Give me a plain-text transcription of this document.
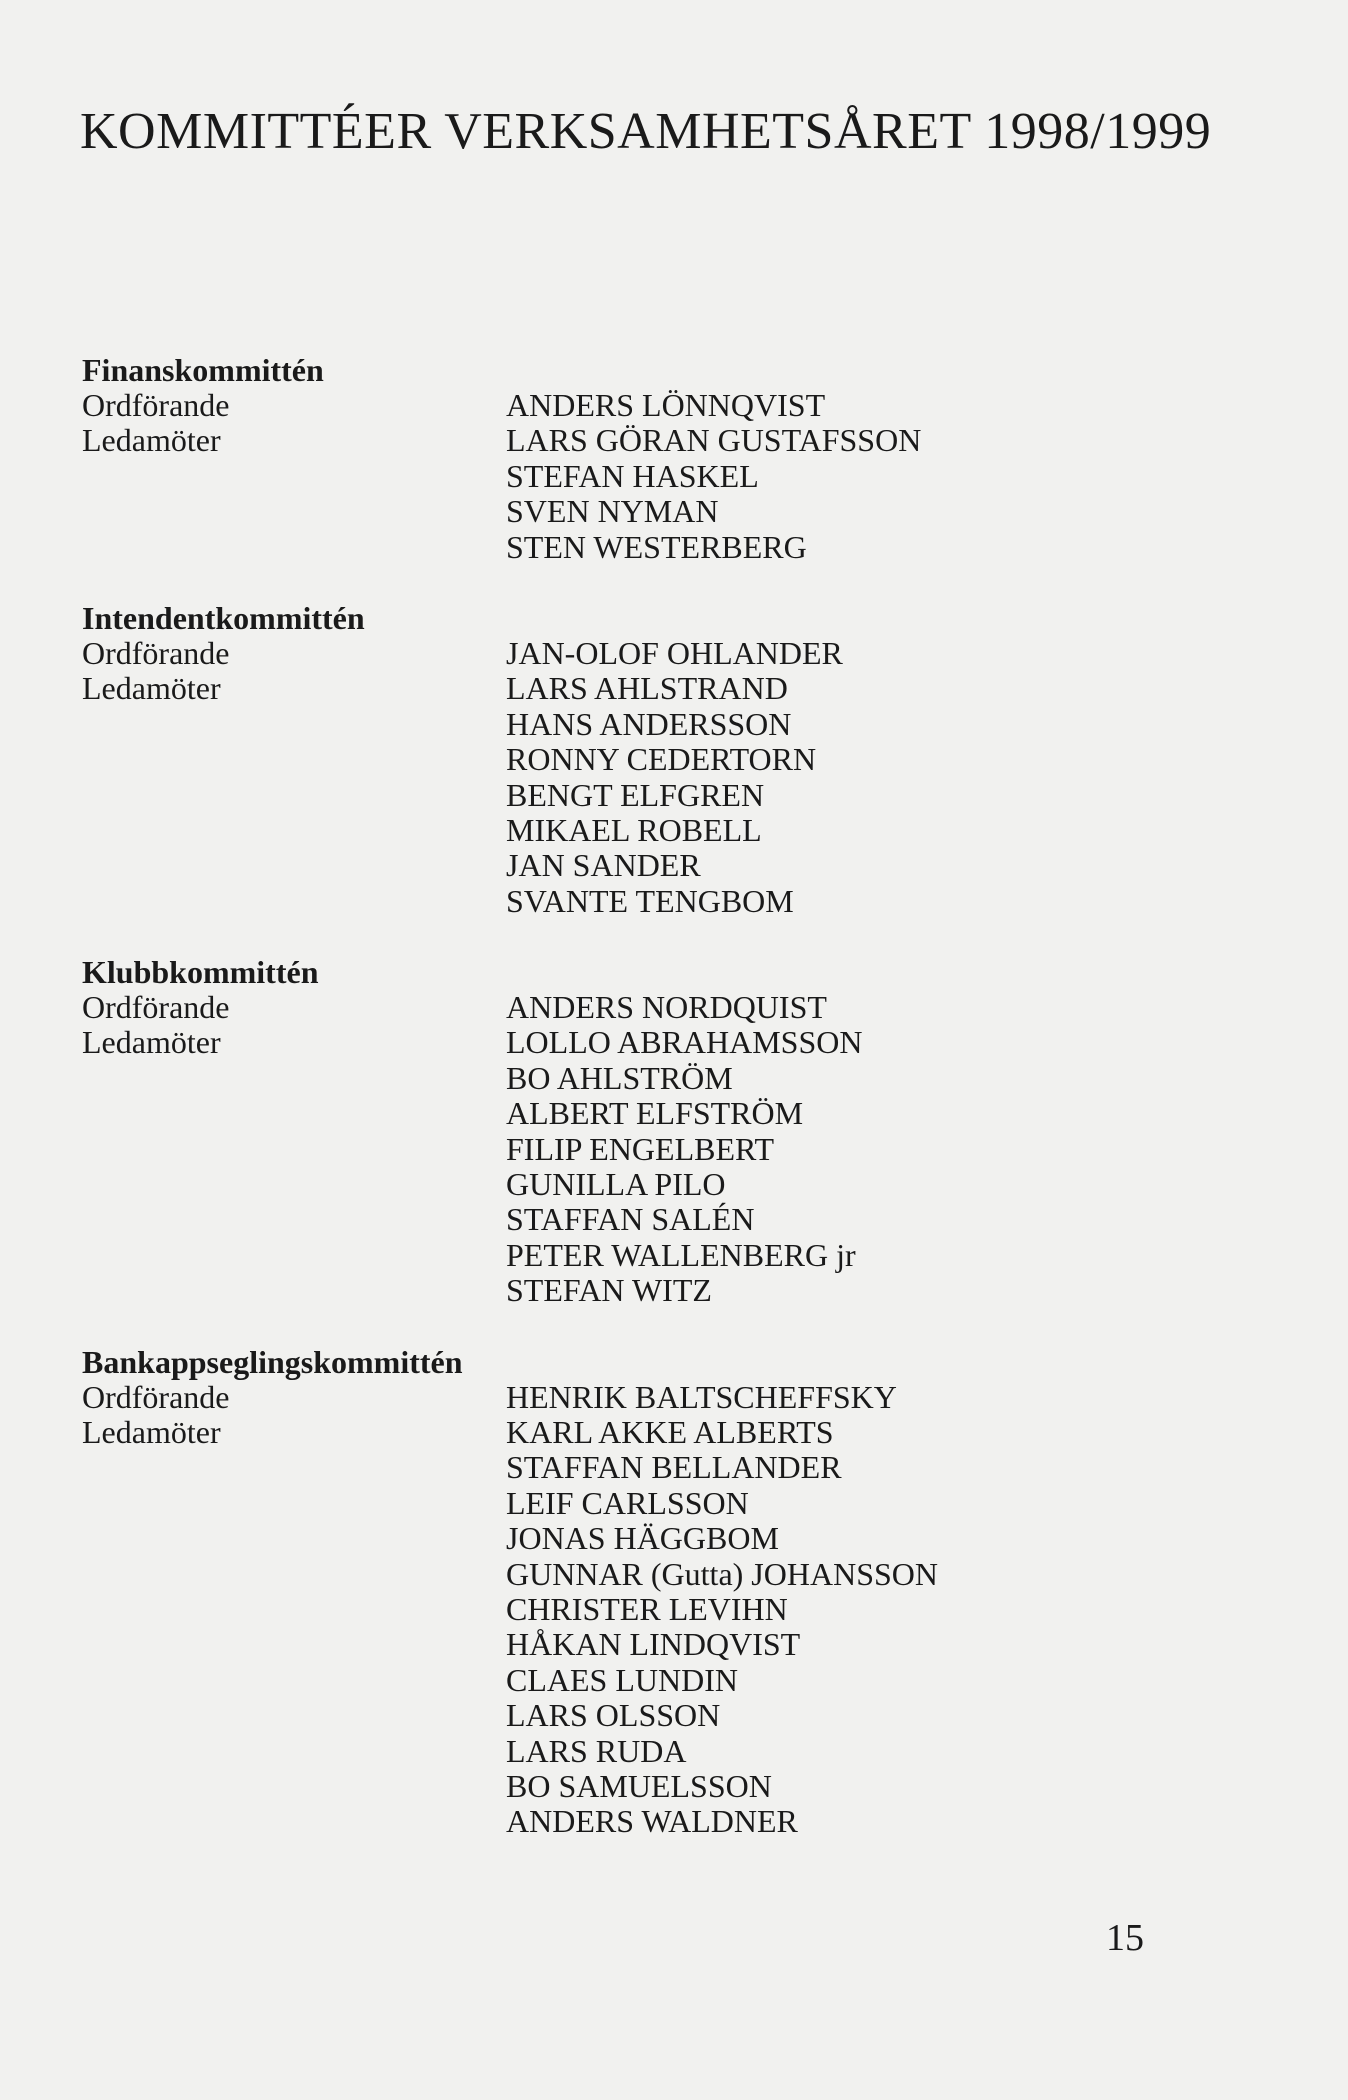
KOMMITTÉER VERKSAMHETSÅRET 1998/1999
Finanskommittén
Ordförande
Ledamöter
ANDERS LÖNNQVIST
LARS GÖRAN GUSTAFSSON
STEFAN HASKEL
SVEN NYMAN
STEN WESTERBERG
Intendentkommittén
Ordförande
Ledamöter
JAN-OLOF OHLANDER
LARS AHLSTRAND
HANS ANDERSSON
RONNY CEDERTORN
BENGT ELFGREN
MIKAEL ROBELL
JAN SANDER
SVANTE TENGBOM
Klubbkommittén
Ordförande
Ledamöter
ANDERS NORDQUIST
LOLLO ABRAHAMSSON
BO AHLSTRÖM
ALBERT ELFSTRÖM
FILIP ENGELBERT
GUNILLA PILO
STAFFAN SALÉN
PETER WALLENBERG jr
STEFAN WITZ
Bankappseglingskommittén
Ordförande
Ledamöter
HENRIK BALTSCHEFFSKY
KARL AKKE ALBERTS
STAFFAN BELLANDER
LEIF CARLSSON
JONAS HÄGGBOM
GUNNAR (Gutta) JOHANSSON
CHRISTER LEVIHN
HÅKAN LINDQVIST
CLAES LUNDIN
LARS OLSSON
LARS RUDA
BO SAMUELSSON
ANDERS WALDNER
15
